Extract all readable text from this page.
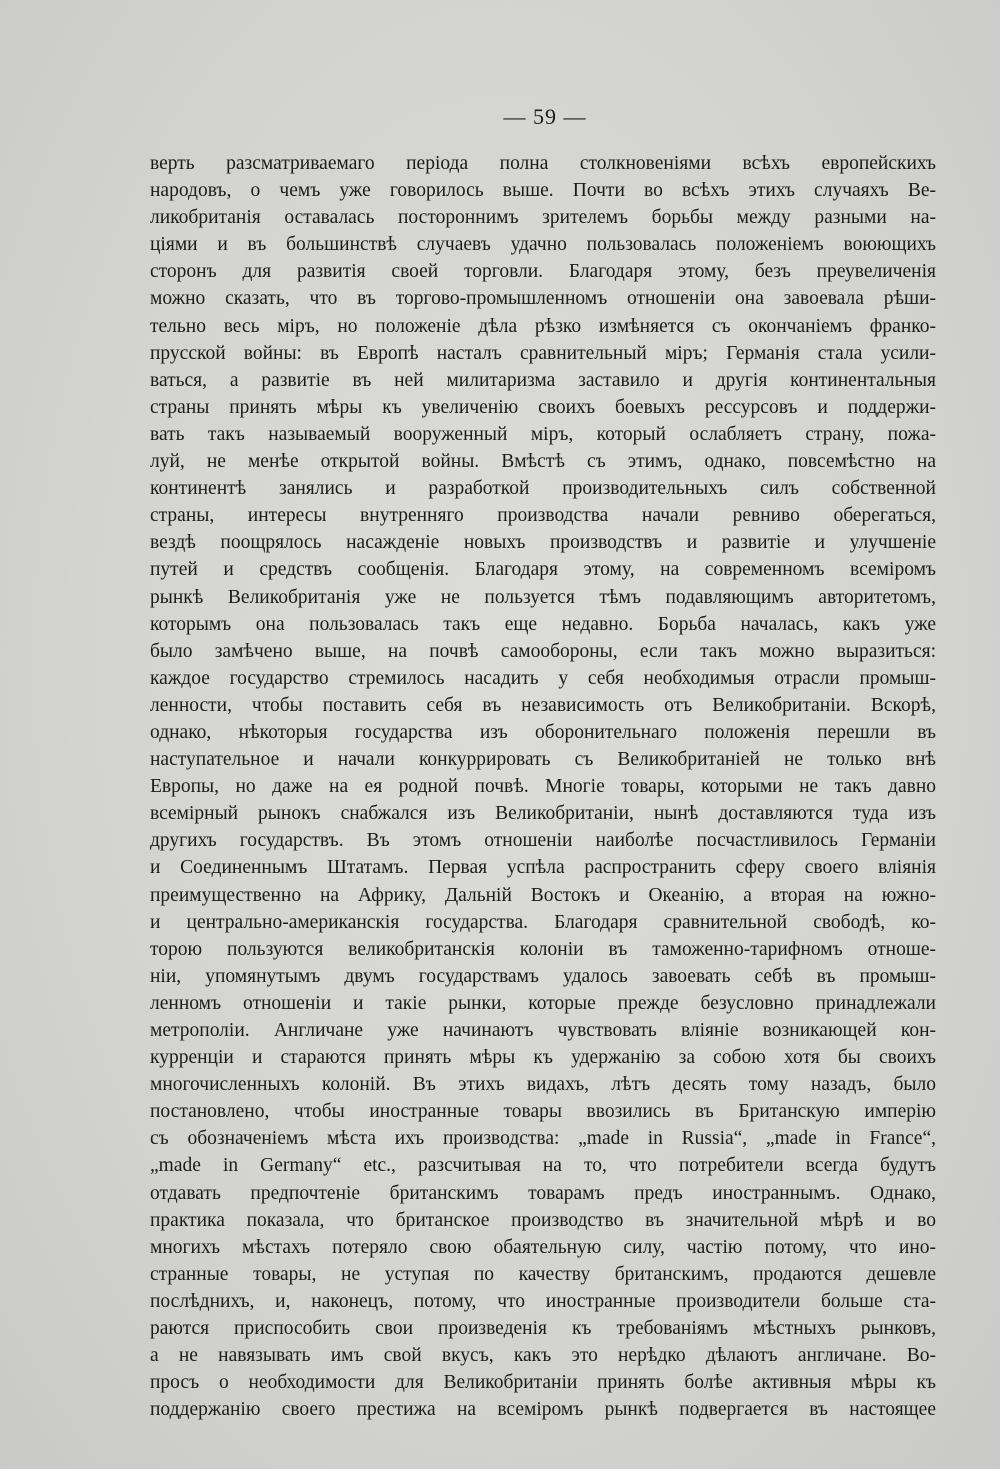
— 59 —
верть разсматриваемаго періода полна столкновеніями всѣхъ европейскихъ
народовъ, о чемъ уже говорилось выше. Почти во всѣхъ этихъ случаяхъ Ве-
ликобританія оставалась постороннимъ зрителемъ борьбы между разными на-
ціями и въ большинствѣ случаевъ удачно пользовалась положеніемъ воюющихъ
сторонъ для развитія своей торговли. Благодаря этому, безъ преувеличенія
можно сказать, что въ торгово-промышленномъ отношеніи она завоевала рѣши-
тельно весь міръ, но положеніе дѣла рѣзко измѣняется съ окончаніемъ франко-
прусской войны: въ Европѣ насталъ сравнительный міръ; Германія стала усили-
ваться, а развитіе въ ней милитаризма заставило и другія континентальныя
страны принять мѣры къ увеличенію своихъ боевыхъ рессурсовъ и поддержи-
вать такъ называемый вооруженный міръ, который ослабляетъ страну, пожа-
луй, не менѣе открытой войны. Вмѣстѣ съ этимъ, однако, повсемѣстно на
континентѣ занялись и разработкой производительныхъ силъ собственной
страны, интересы внутренняго производства начали ревниво оберегаться,
вездѣ поощрялось насажденіе новыхъ производствъ и развитіе и улучшеніе
путей и средствъ сообщенія. Благодаря этому, на современномъ всеміромъ
рынкѣ Великобританія уже не пользуется тѣмъ подавляющимъ авторитетомъ,
которымъ она пользовалась такъ еще недавно. Борьба началась, какъ уже
было замѣчено выше, на почвѣ самообороны, если такъ можно выразиться:
каждое государство стремилось насадить у себя необходимыя отрасли промыш-
ленности, чтобы поставить себя въ независимость отъ Великобританіи. Вскорѣ,
однако, нѣкоторыя государства изъ оборонительнаго положенія перешли въ
наступательное и начали конкуррировать съ Великобританіей не только внѣ
Европы, но даже на ея родной почвѣ. Многіе товары, которыми не такъ давно
всеміpный рынокъ снабжался изъ Великобританіи, нынѣ доставляются туда изъ
другихъ государствъ. Въ этомъ отношеніи наиболѣе посчастливилось Германіи
и Соединеннымъ Штатамъ. Первая успѣла распространить сферу своего вліянія
преимущественно на Африку, Дальній Востокъ и Океанію, а вторая на южно-
и центрально-американскія государства. Благодаря сравнительной свободѣ, ко-
торою пользуются великобританскія колоніи въ таможенно-тарифномъ отноше-
ніи, упомянутымъ двумъ государствамъ удалось завоевать себѣ въ промыш-
ленномъ отношеніи и такіе рынки, которые прежде безусловно принадлежали
метрополіи. Англичане уже начинаютъ чувствовать вліяніе возникающей кон-
курренціи и стараются принять мѣры къ удержанію за собою хотя бы своихъ
многочисленныхъ колоній. Въ этихъ видахъ, лѣтъ десять тому назадъ, было
постановлено, чтобы иностранные товары ввозились въ Британскую имперію
съ обозначеніемъ мѣста ихъ производства: „made in Russia“, „made in France“,
„made in Germany“ etc., разсчитывая на то, что потребители всегда будутъ
отдавать предпочтеніе британскимъ товарамъ предъ иностраннымъ. Однако,
практика показала, что британское производство въ значительной мѣрѣ и во
многихъ мѣстахъ потеряло свою обаятельную силу, частію потому, что ино-
странные товары, не уступая по качеству британскимъ, продаются дешевле
послѣднихъ, и, наконецъ, потому, что иностранные производители больше ста-
раются приспособить свои произведенія къ требованіямъ мѣстныхъ рынковъ,
а не навязывать имъ свой вкусъ, какъ это нерѣдко дѣлаютъ англичане. Во-
просъ о необходимости для Великобританіи принять болѣе активныя мѣры къ
поддержанію своего престижа на всеміромъ рынкѣ подвергается въ настоящее
